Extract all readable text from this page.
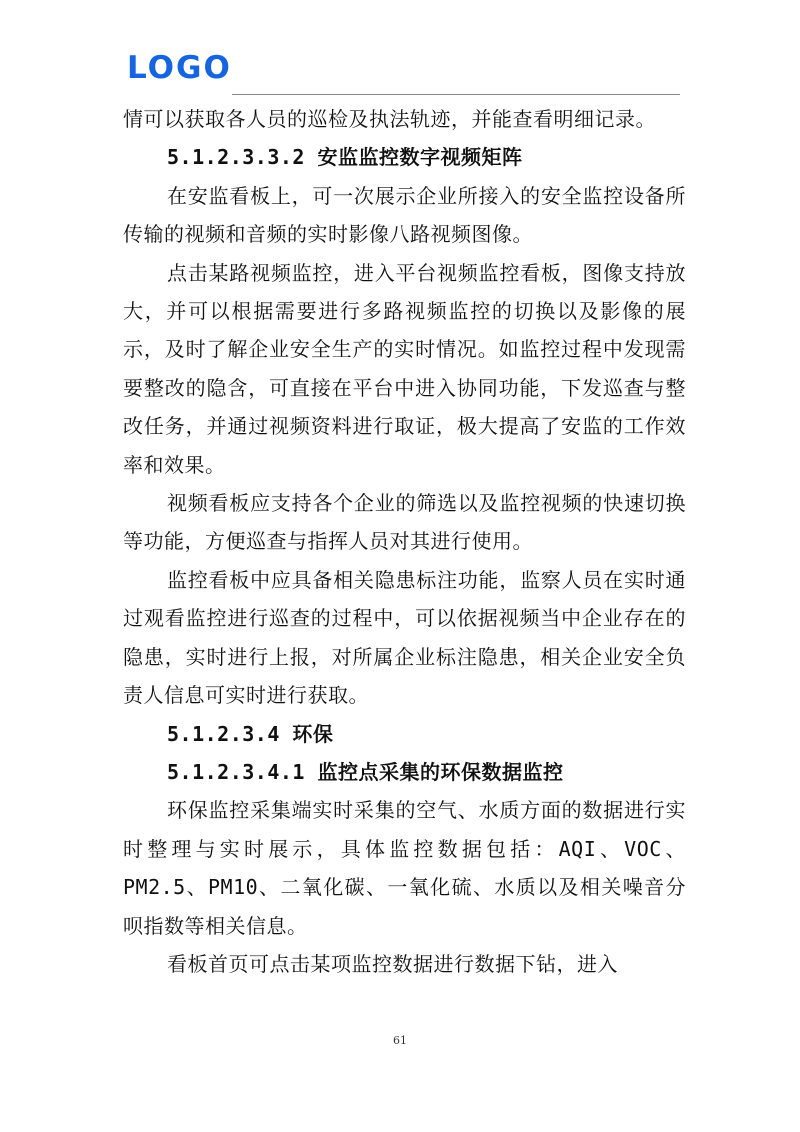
LOGO

情可以获取各人员的巡检及执法轨迹，并能查看明细记录。

5.1.2.3.3.2 安监监控数字视频矩阵

在安监看板上，可一次展示企业所接入的安全监控设备所传输的视频和音频的实时影像八路视频图像。

点击某路视频监控，进入平台视频监控看板，图像支持放大，并可以根据需要进行多路视频监控的切换以及影像的展示，及时了解企业安全生产的实时情况。如监控过程中发现需要整改的隐含，可直接在平台中进入协同功能，下发巡查与整改任务，并通过视频资料进行取证，极大提高了安监的工作效率和效果。

视频看板应支持各个企业的筛选以及监控视频的快速切换等功能，方便巡查与指挥人员对其进行使用。

监控看板中应具备相关隐患标注功能，监察人员在实时通过观看监控进行巡查的过程中，可以依据视频当中企业存在的隐患，实时进行上报，对所属企业标注隐患，相关企业安全负责人信息可实时进行获取。

5.1.2.3.4 环保

5.1.2.3.4.1 监控点采集的环保数据监控

环保监控采集端实时采集的空气、水质方面的数据进行实时整理与实时展示，具体监控数据包括：AQI、VOC、PM2.5、PM10、二氧化碳、一氧化硫、水质以及相关噪音分呗指数等相关信息。

看板首页可点击某项监控数据进行数据下钻，进入

61
